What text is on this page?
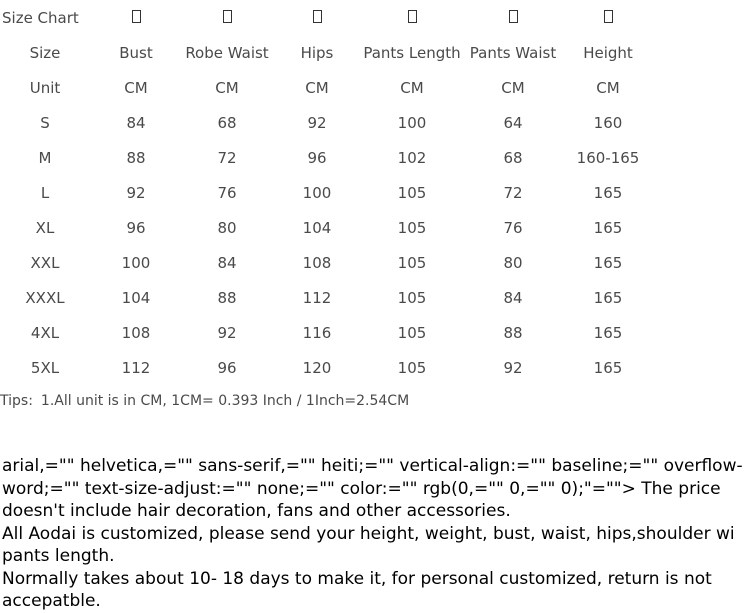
Size Chart						
Size	Bust	Robe Waist	Hips	Pants Length	Pants Waist	Height
Unit	CM	CM	CM	CM	CM	CM
S	84	68	92	100	64	160
M	88	72	96	102	68	160-165
L	92	76	100	105	72	165
XL	96	80	104	105	76	165
XXL	100	84	108	105	80	165
XXXL	104	88	112	105	84	165
4XL	108	92	116	105	88	165
5XL	112	96	120	105	92	165
Tips: 1.All unit is in CM, 1CM= 0.393 Inch / 1Inch=2.54CM

arial,="" helvetica,="" sans-serif,="" heiti;="" vertical-align:="" baseline;="" overflow-

word;="" text-size-adjust:="" none;="" color:="" rgb(0,="" 0,="" 0);"=""> The price

doesn't include hair decoration, fans and other accessories.

All Aodai is customized, please send your height, weight, bust, waist, hips,shoulder wi

pants length.

Normally takes about 10- 18 days to make it, for personal customized, return is not

accepatble.
